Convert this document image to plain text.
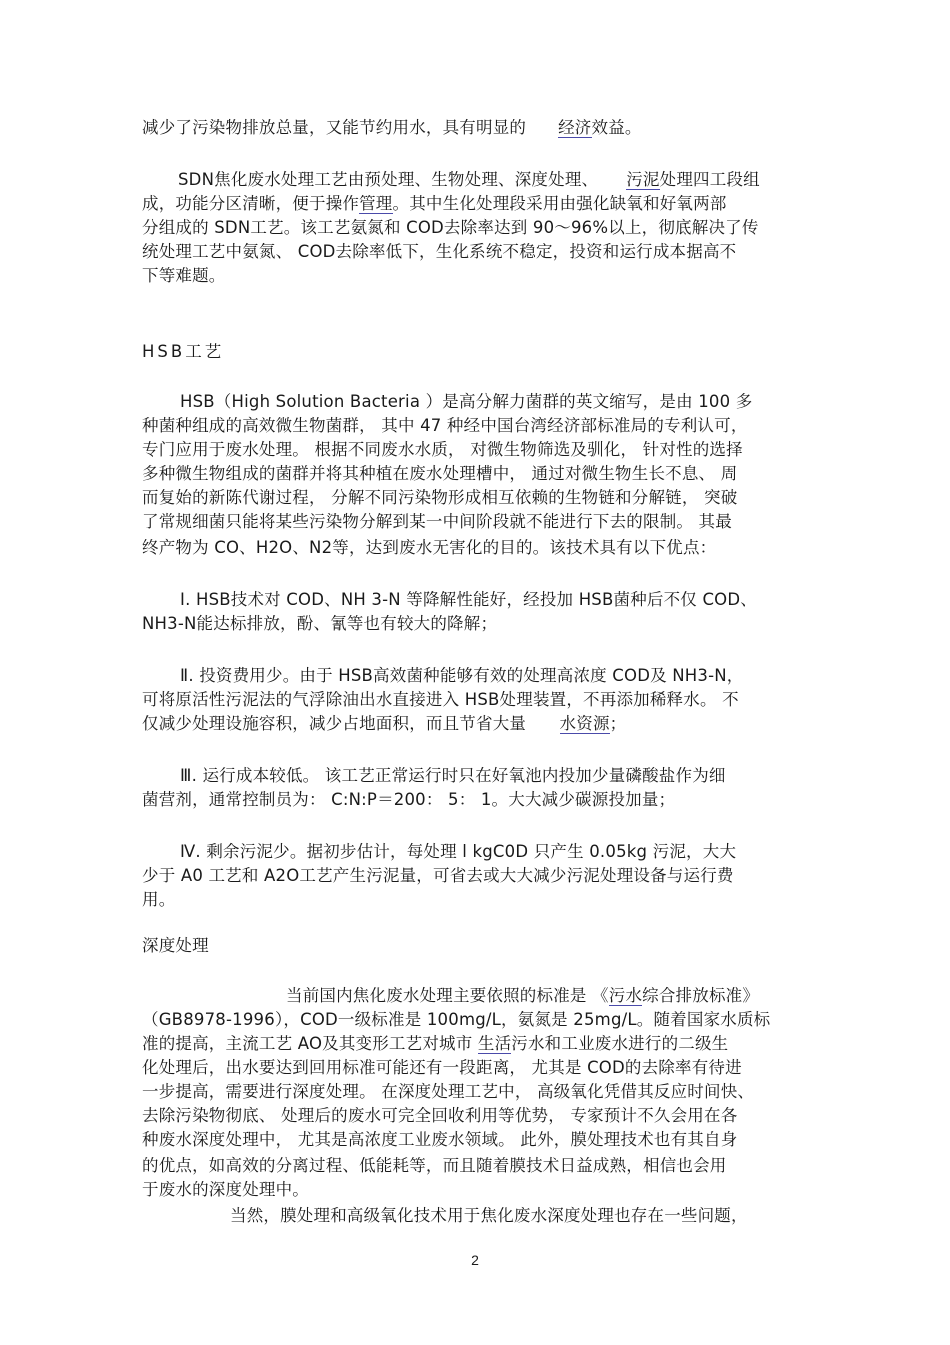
减少了污染物排放总量，又能节约用水，具有明显的 经济效益。
SDN焦化废水处理工艺由预处理、生物处理、深度处理、 污泥处理四工段组
成，功能分区清晰，便于操作管理。其中生化处理段采用由强化缺氧和好氧两部
分组成的 SDN工艺。该工艺氨氮和 COD去除率达到 90～96%以上，彻底解决了传
统处理工艺中氨氮、 COD去除率低下，生化系统不稳定，投资和运行成本据高不
下等难题。
HSB工艺
HSB（High Solution Bacteria ）是高分解力菌群的英文缩写，是由 100 多
种菌种组成的高效微生物菌群， 其中 47 种经中国台湾经济部标准局的专利认可，
专门应用于废水处理。 根据不同废水水质， 对微生物筛选及驯化， 针对性的选择
多种微生物组成的菌群并将其种植在废水处理槽中， 通过对微生物生长不息、 周
而复始的新陈代谢过程， 分解不同污染物形成相互依赖的生物链和分解链， 突破
了常规细菌只能将某些污染物分解到某一中间阶段就不能进行下去的限制。 其最
终产物为 CO、H2O、N2等，达到废水无害化的目的。该技术具有以下优点：
Ⅰ. HSB技术对 COD、NH 3-N 等降解性能好，经投加 HSB菌种后不仅 COD、
NH3-N能达标排放，酚、氰等也有较大的降解；
Ⅱ. 投资费用少。由于 HSB高效菌种能够有效的处理高浓度 COD及 NH3-N，
可将原活性污泥法的气浮除油出水直接进入 HSB处理装置，不再添加稀释水。 不
仅减少处理设施容积，减少占地面积，而且节省大量 水资源；
Ⅲ. 运行成本较低。 该工艺正常运行时只在好氧池内投加少量磷酸盐作为细
菌营剂，通常控制员为： C:N:P＝200： 5： 1。大大减少碳源投加量；
Ⅳ. 剩余污泥少。据初步估计，每处理 l kgC0D 只产生 0.05kg 污泥，大大
少于 A0 工艺和 A2O工艺产生污泥量，可省去或大大减少污泥处理设备与运行费
用。
深度处理
当前国内焦化废水处理主要依照的标准是 《污水综合排放标准》
（GB8978-1996），COD一级标准是 100mg/L，氨氮是 25mg/L。随着国家水质标
准的提高，主流工艺 AO及其变形工艺对城市 生活污水和工业废水进行的二级生
化处理后，出水要达到回用标准可能还有一段距离， 尤其是 COD的去除率有待进
一步提高，需要进行深度处理。 在深度处理工艺中， 高级氧化凭借其反应时间快、
去除污染物彻底、 处理后的废水可完全回收利用等优势， 专家预计不久会用在各
种废水深度处理中， 尤其是高浓度工业废水领域。 此外，膜处理技术也有其自身
的优点，如高效的分离过程、低能耗等，而且随着膜技术日益成熟，相信也会用
于废水的深度处理中。
当然，膜处理和高级氧化技术用于焦化废水深度处理也存在一些问题，
2
